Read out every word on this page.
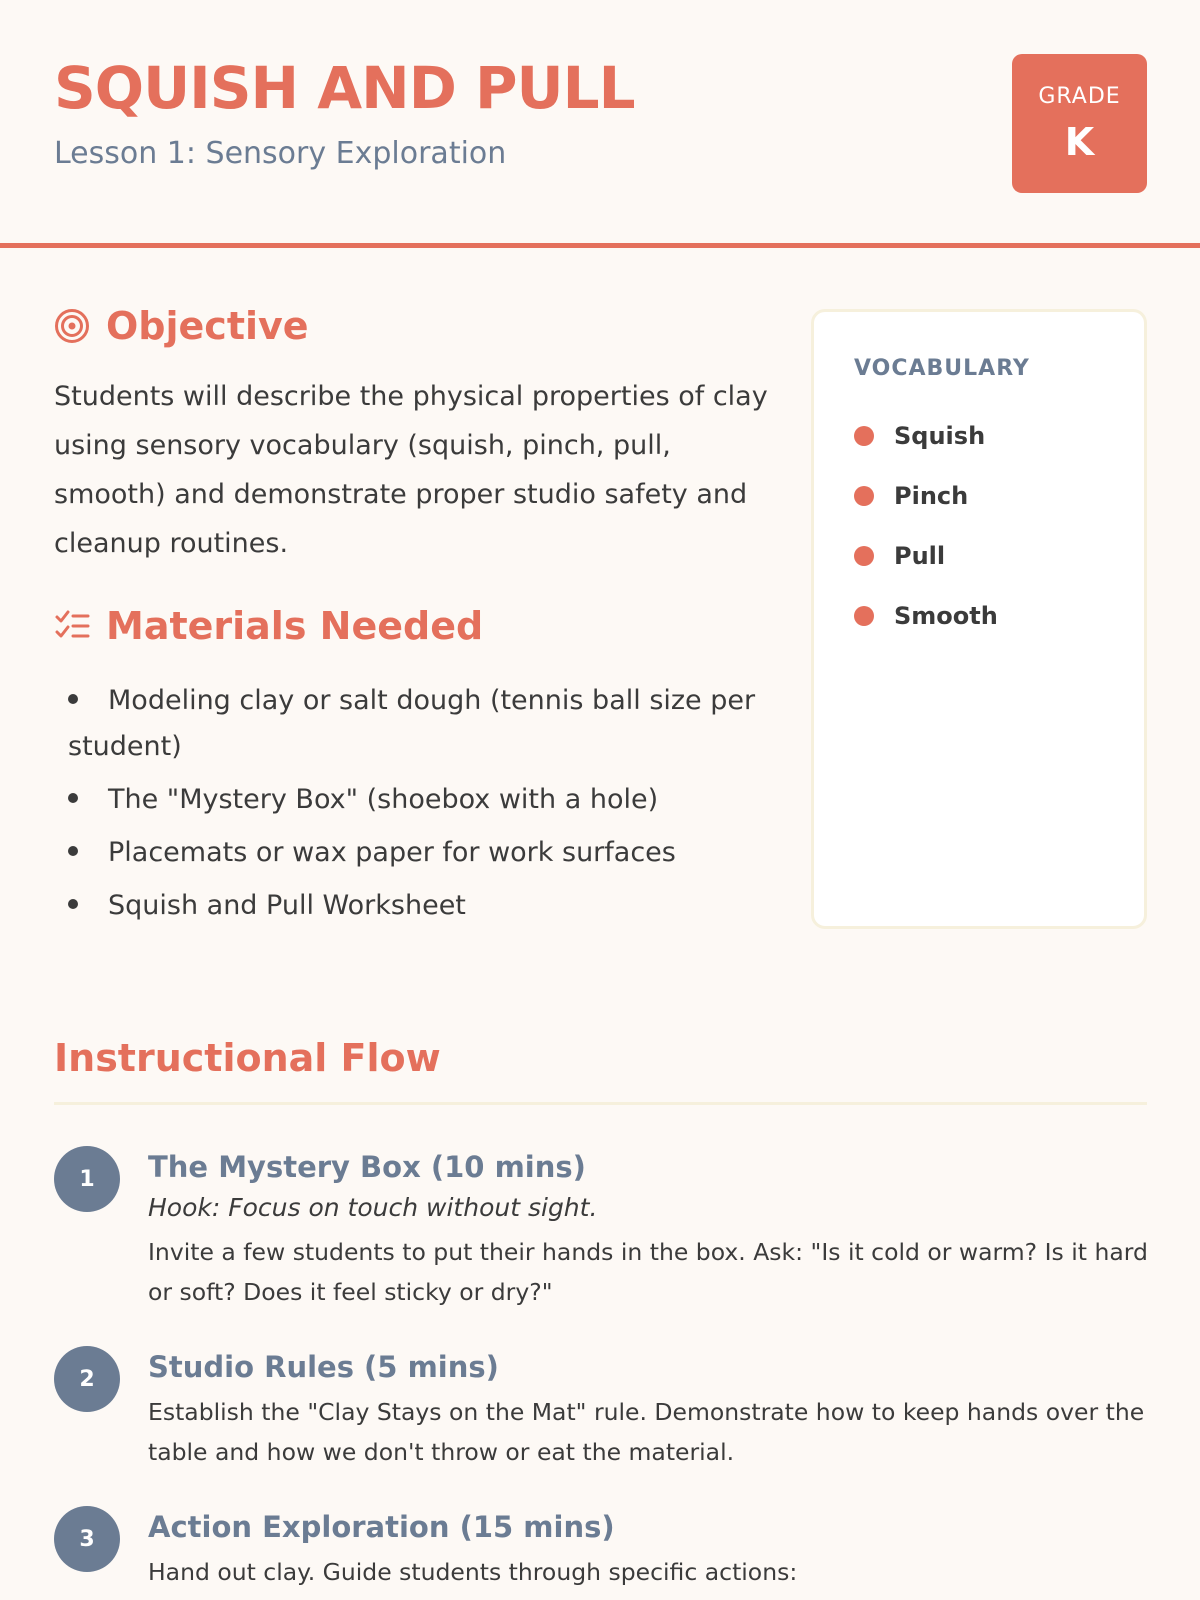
SQUISH AND PULL
Lesson 1: Sensory Exploration
GRADE
K
Objective

Students will describe the physical properties of clay using sensory vocabulary (squish, pinch, pull, smooth) and demonstrate proper studio safety and cleanup routines.

Materials Needed
Modeling clay or salt dough (tennis ball size per student)
The "Mystery Box" (shoebox with a hole)
Placemats or wax paper for work surfaces
Squish and Pull Worksheet
VOCABULARY
Squish
Pinch
Pull
Smooth
Instructional Flow
1	The Mystery Box (10 mins)
Hook: Focus on touch without sight.
Invite a few students to put their hands in the box. Ask: "Is it cold or warm? Is it hard or soft? Does it feel sticky or dry?"
2	Studio Rules (5 mins)
Establish the "Clay Stays on the Mat" rule. Demonstrate how to keep hands over the table and how we don't throw or eat the material.
3	Action Exploration (15 mins)
Hand out clay. Guide students through specific actions:
